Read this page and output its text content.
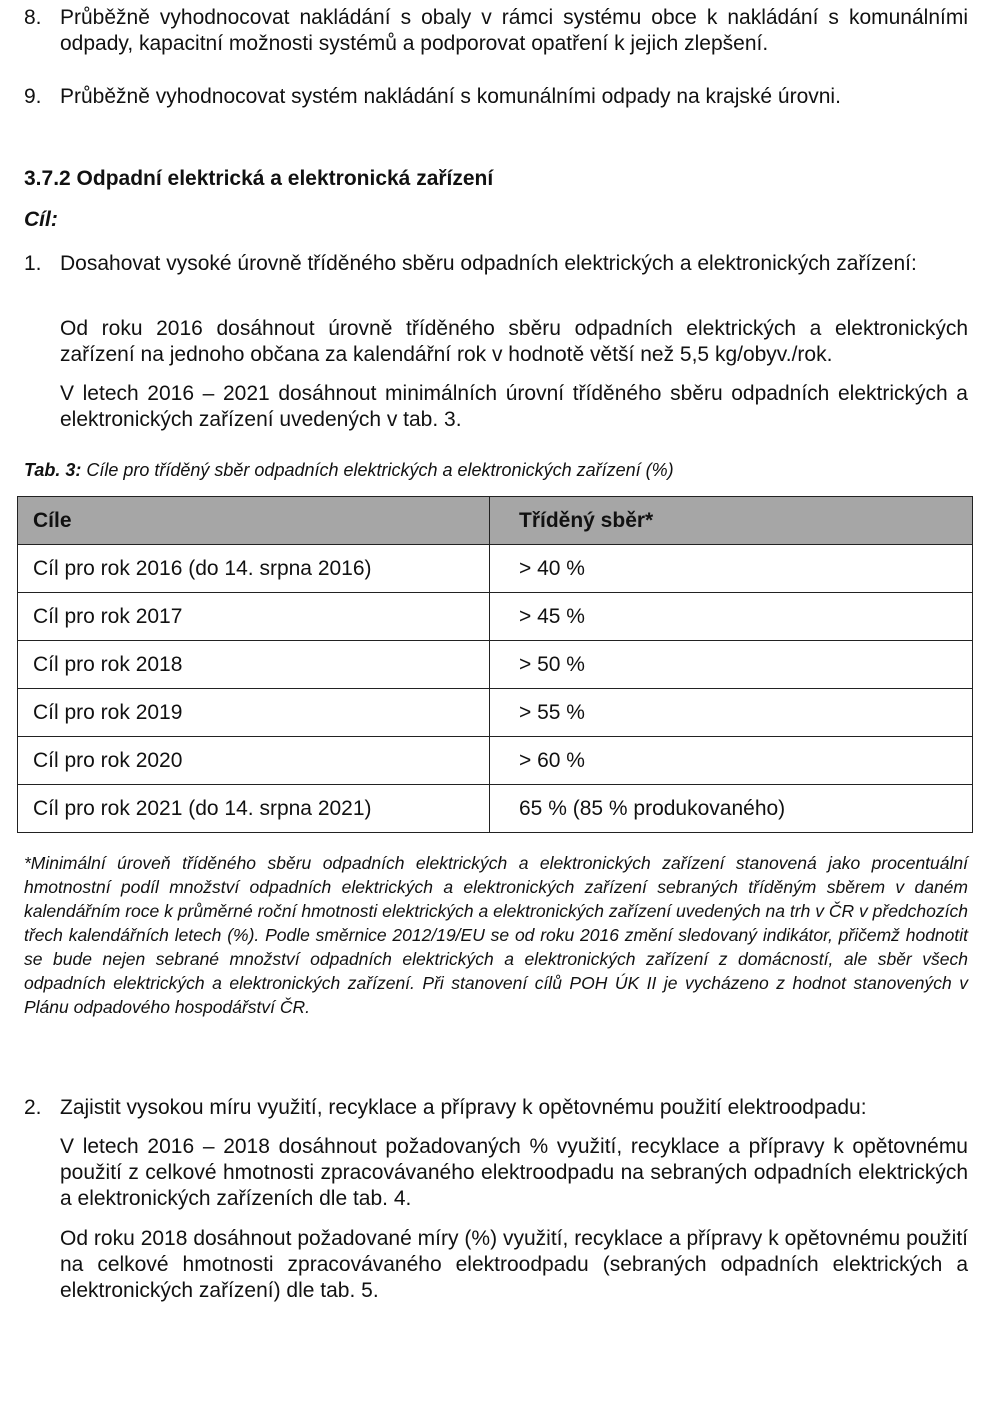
8. Průběžně vyhodnocovat nakládání s obaly v rámci systému obce k nakládání s komunálními odpady, kapacitní možnosti systémů a podporovat opatření k jejich zlepšení.
9. Průběžně vyhodnocovat systém nakládání s komunálními odpady na krajské úrovni.
3.7.2 Odpadní elektrická a elektronická zařízení
Cíl:
1. Dosahovat vysoké úrovně tříděného sběru odpadních elektrických a elektronických zařízení:
Od roku 2016 dosáhnout úrovně tříděného sběru odpadních elektrických a elektronických zařízení na jednoho občana za kalendářní rok v hodnotě větší než 5,5 kg/obyv./rok.
V letech 2016 – 2021 dosáhnout minimálních úrovní tříděného sběru odpadních elektrických a elektronických zařízení uvedených v tab. 3.
Tab. 3: Cíle pro tříděný sběr odpadních elektrických a elektronických zařízení (%)
Cíle	Tříděný sběr*
Cíl pro rok 2016 (do 14. srpna 2016)	> 40 %
Cíl pro rok 2017	> 45 %
Cíl pro rok 2018	> 50 %
Cíl pro rok 2019	> 55 %
Cíl pro rok 2020	> 60 %
Cíl pro rok 2021 (do 14. srpna 2021)	65 % (85 % produkovaného)
*Minimální úroveň tříděného sběru odpadních elektrických a elektronických zařízení stanovená jako procentuální hmotnostní podíl množství odpadních elektrických a elektronických zařízení sebraných tříděným sběrem v daném kalendářním roce k průměrné roční hmotnosti elektrických a elektronických zařízení uvedených na trh v ČR v předchozích třech kalendářních letech (%). Podle směrnice 2012/19/EU se od roku 2016 změní sledovaný indikátor, přičemž hodnotit se bude nejen sebrané množství odpadních elektrických a elektronických zařízení z domácností, ale sběr všech odpadních elektrických a elektronických zařízení. Při stanovení cílů POH ÚK II je vycházeno z hodnot stanovených v Plánu odpadového hospodářství ČR.
2. Zajistit vysokou míru využití, recyklace a přípravy k opětovnému použití elektroodpadu:
V letech 2016 – 2018 dosáhnout požadovaných % využití, recyklace a přípravy k opětovnému použití z celkové hmotnosti zpracovávaného elektroodpadu na sebraných odpadních elektrických a elektronických zařízeních dle tab. 4.
Od roku 2018 dosáhnout požadované míry (%) využití, recyklace a přípravy k opětovnému použití na celkové hmotnosti zpracovávaného elektroodpadu (sebraných odpadních elektrických a elektronických zařízení) dle tab. 5.
